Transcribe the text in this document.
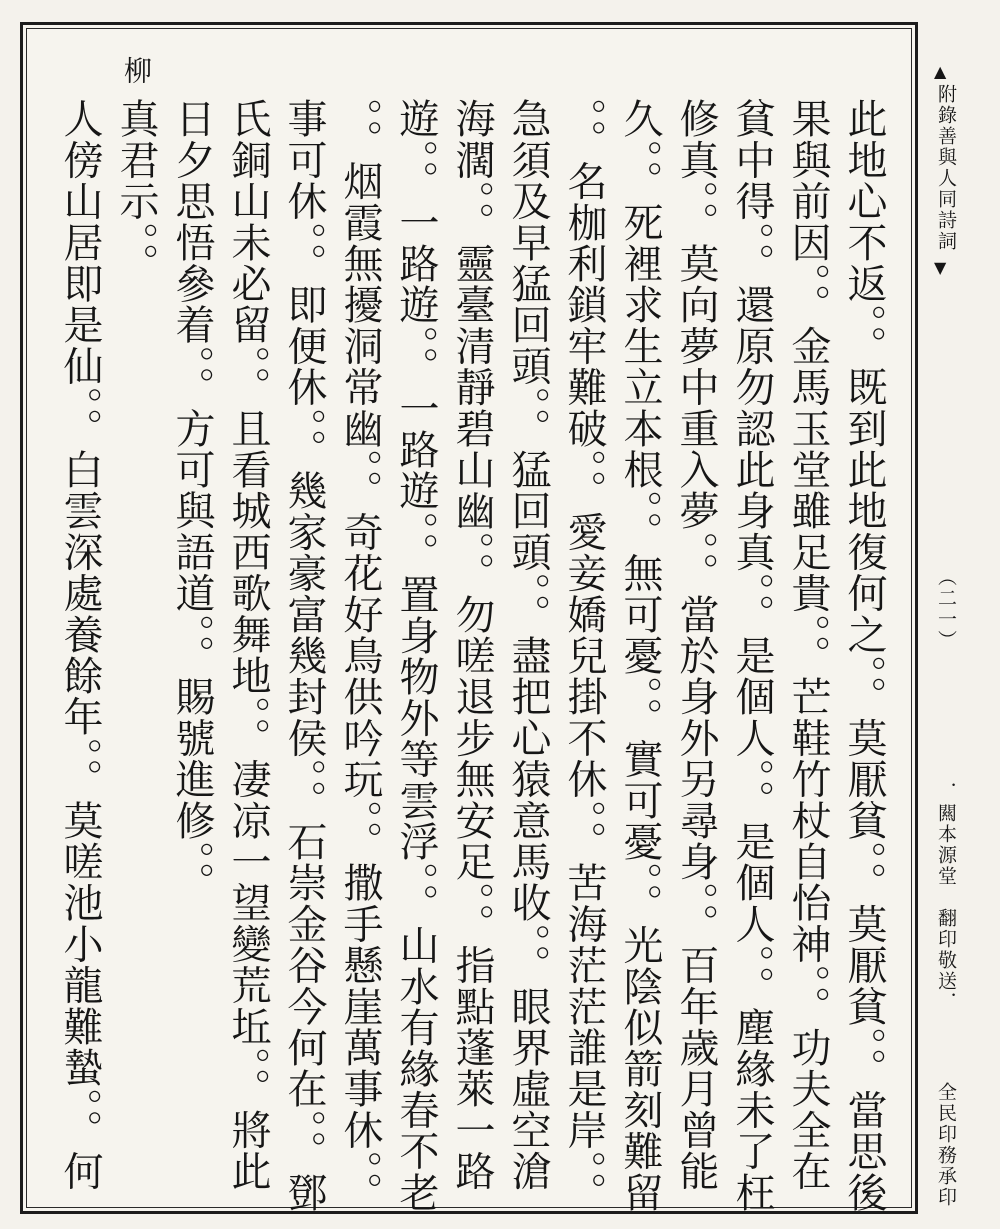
此地心不返。。既到此地復何之。。莫厭貧。。莫厭貧。。當思後
果與前因。。金馬玉堂雖足貴。。芒鞋竹杖自怡神。。功夫全在
貧中得。。還原勿認此身真。。是個人。。是個人。。塵緣未了枉
修真。。莫向夢中重入夢。。當於身外另尋身。。百年歲月曾能
久。。死裡求生立本根。。無可憂。。實可憂。。光陰似箭刻難留
。。名枷利鎖牢難破。。愛妾嬌兒掛不休。。苦海茫茫誰是岸。。
急須及早猛回頭。。猛回頭。。盡把心猿意馬收。。眼界虛空滄
海濶。。靈臺清靜碧山幽。。勿嗟退步無安足。。指點蓬萊一路
遊。。一路遊。。一路遊。。置身物外等雲浮。。山水有緣春不老
。。烟霞無擾洞常幽。。奇花好鳥供吟玩。。撒手懸崖萬事休。。
事可休。。即便休。。幾家豪富幾封侯。。石崇金谷今何在。。鄧
氏銅山未必留。。且看城西歌舞地。。凄凉一望變荒坵。。將此
日夕思悟參着。。方可與語道。。賜號進修。。
柳
真君示。。
人傍山居即是仙。。白雲深處養餘年。。莫嗟池小龍難蟄。。何
▲
附錄善與人同詩詞
▼
（二一）
．闗本源堂　翻印敬送．
全民印務承印
